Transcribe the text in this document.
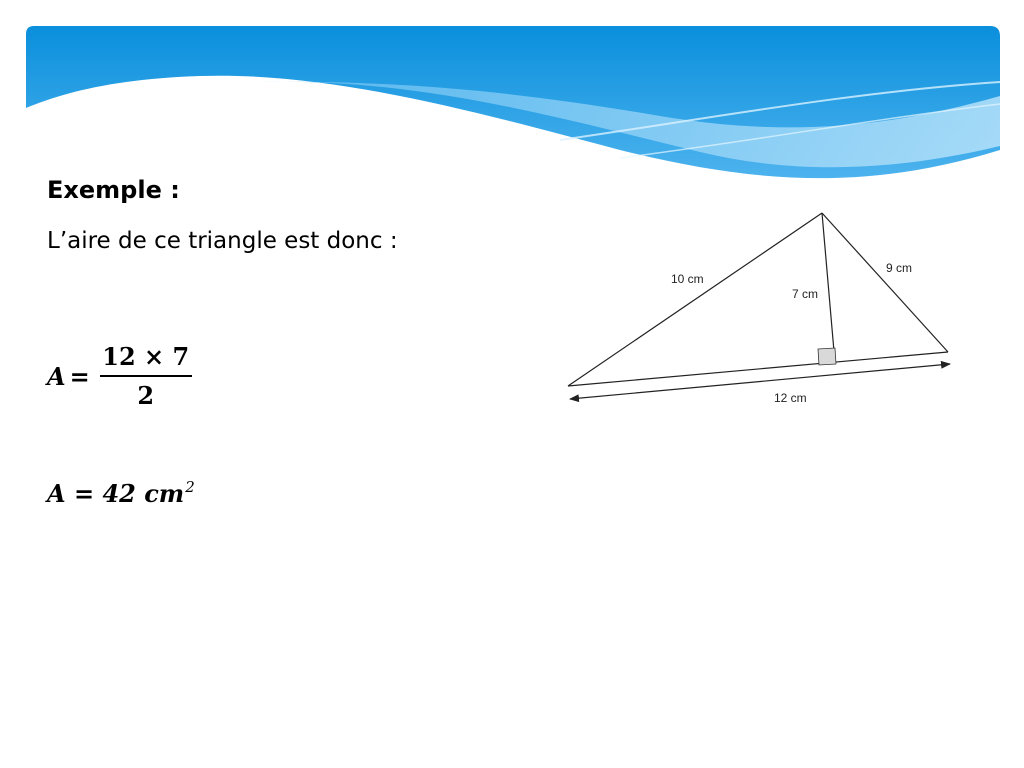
Exemple :
L’aire de ce triangle est donc :
$A = \frac{12 \times 7}{2}$
A = 42 $cm^2$
10 cm
9 cm
7 cm
12 cm
